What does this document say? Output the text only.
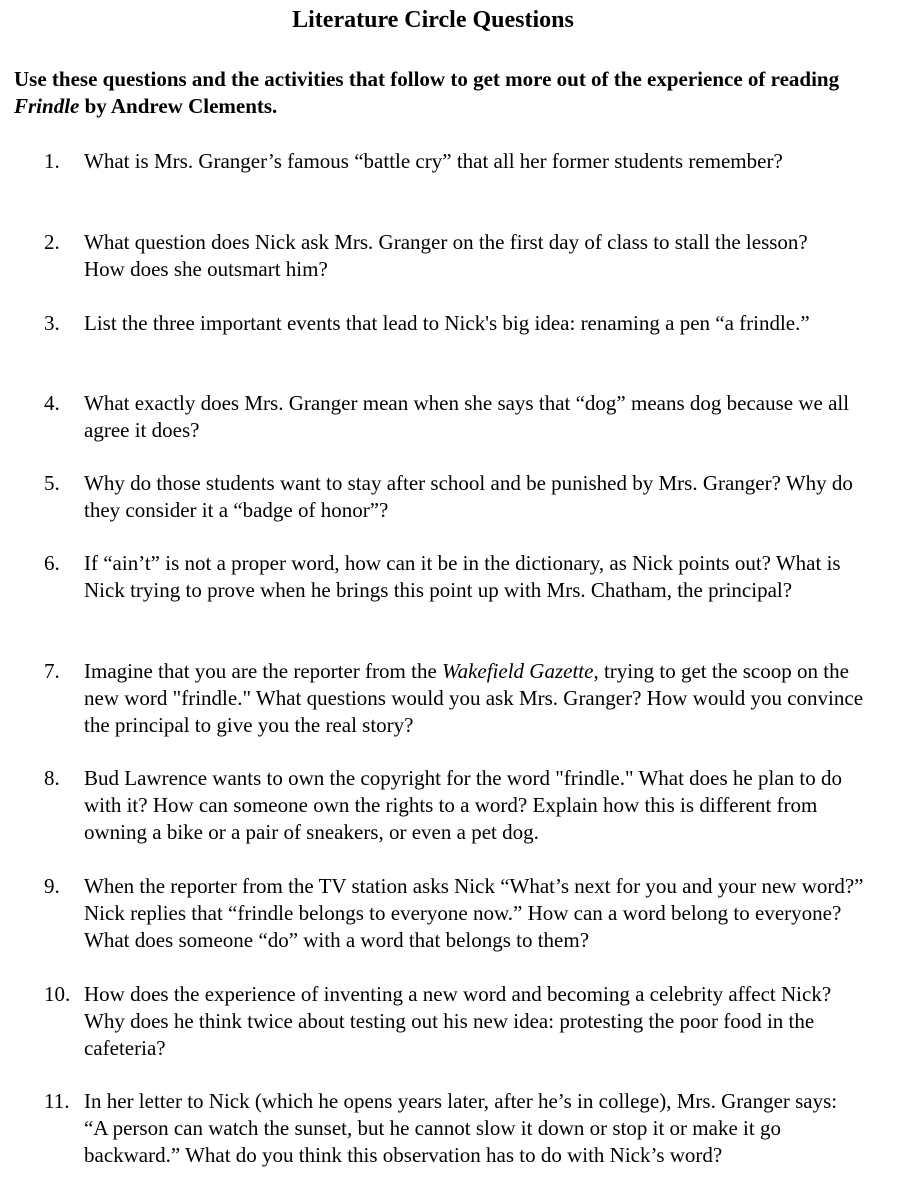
Literature Circle Questions
Use these questions and the activities that follow to get more out of the experience of reading Frindle by Andrew Clements.
1.	What is Mrs. Granger’s famous “battle cry” that all her former students remember?
2.	What question does Nick ask Mrs. Granger on the first day of class to stall the lesson?     How does she outsmart him?
3.	List the three important events that lead to Nick's big idea: renaming a pen “a frindle.”
4.	What exactly does Mrs. Granger mean when she says that “dog” means dog because we all agree it does?
5.	Why do those students want to stay after school and be punished by Mrs. Granger? Why do they consider it a “badge of honor”?
6.	If “ain’t” is not a proper word, how can it be in the dictionary, as Nick points out? What is Nick trying to prove when he brings this point up with Mrs. Chatham, the principal?
7.	Imagine that you are the reporter from the Wakefield Gazette, trying to get the scoop on the new word "frindle." What questions would you ask Mrs. Granger? How would you convince the principal to give you the real story?
8.	Bud Lawrence wants to own the copyright for the word "frindle." What does he plan to do with it? How can someone own the rights to a word? Explain how this is different from owning a bike or a pair of sneakers, or even a pet dog.
9.	When the reporter from the TV station asks Nick “What’s next for you and your new word?” Nick replies that “frindle belongs to everyone now.” How can a word belong to everyone? What does someone “do” with a word that belongs to them?
10. How does the experience of inventing a new word and becoming a celebrity affect Nick? Why does he think twice about testing out his new idea: protesting the poor food in the cafeteria?
11. In her letter to Nick (which he opens years later, after he’s in college), Mrs. Granger says: “A person can watch the sunset, but he cannot slow it down or stop it or make it go backward.” What do you think this observation has to do with Nick’s word?
